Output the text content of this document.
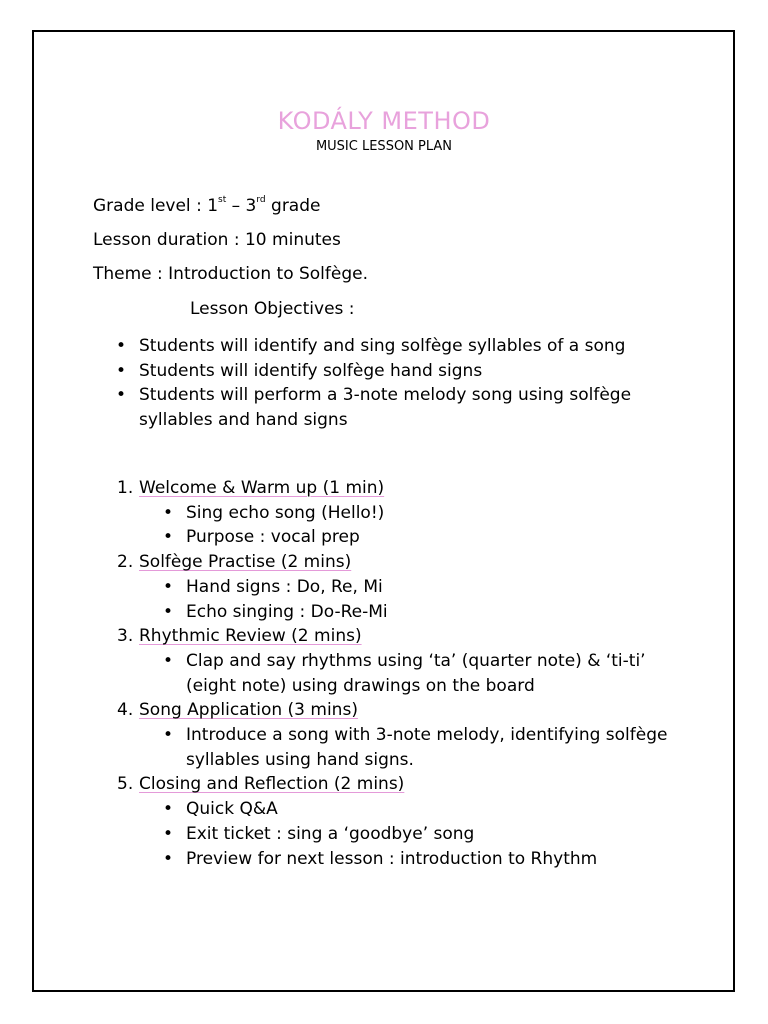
KODÁLY METHOD
MUSIC LESSON PLAN
Grade level : 1st – 3rd grade
Lesson duration : 10 minutes
Theme : Introduction to Solfège.
Lesson Objectives :
• Students will identify and sing solfège syllables of a song
• Students will identify solfège hand signs
• Students will perform a 3-note melody song using solfège syllables and hand signs
1. Welcome & Warm up (1 min)
• Sing echo song (Hello!)
• Purpose : vocal prep
2. Solfège Practise (2 mins)
• Hand signs : Do, Re, Mi
• Echo singing : Do-Re-Mi
3. Rhythmic Review (2 mins)
• Clap and say rhythms using ‘ta’ (quarter note) & ‘ti-ti’ (eight note) using drawings on the board
4. Song Application (3 mins)
• Introduce a song with 3-note melody, identifying solfège syllables using hand signs.
5. Closing and Reflection (2 mins)
• Quick Q&A
• Exit ticket : sing a ‘goodbye’ song
• Preview for next lesson : introduction to Rhythm
